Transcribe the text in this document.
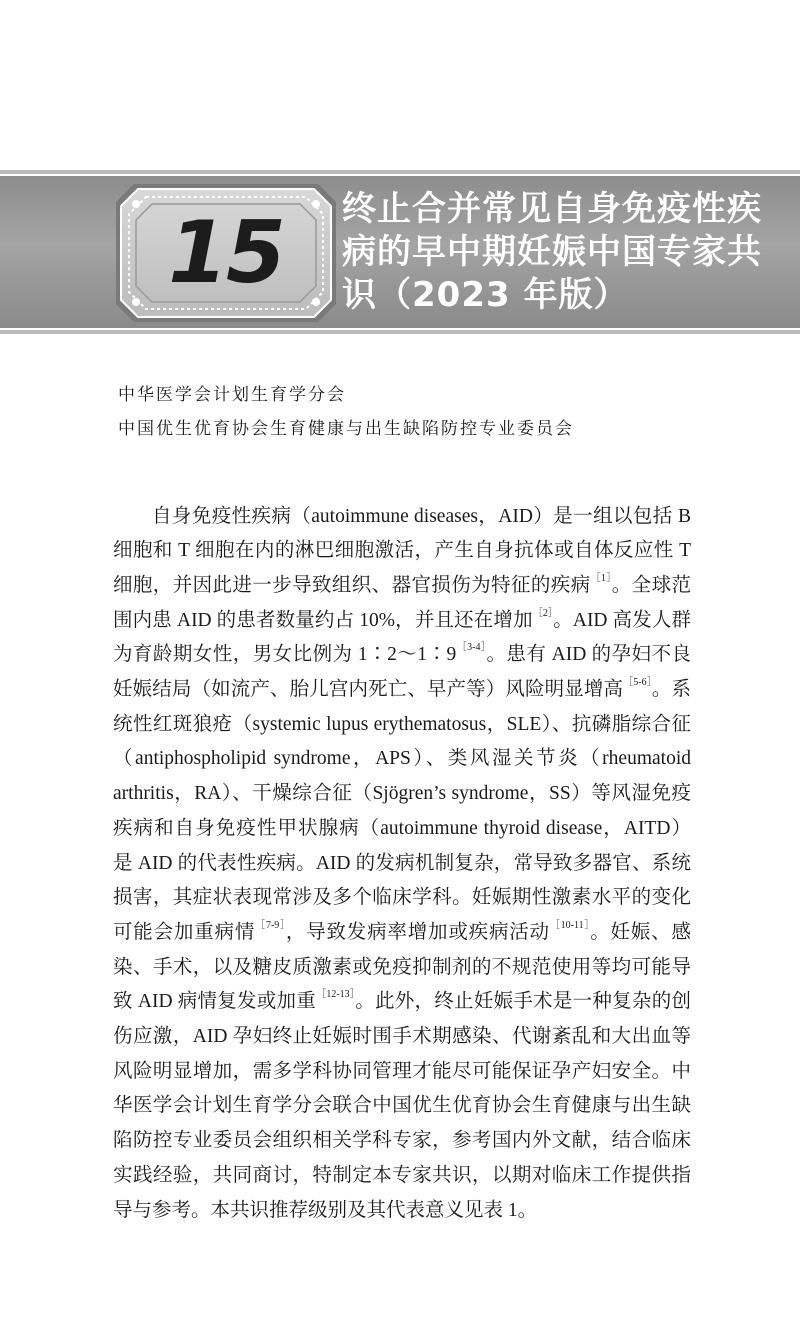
15	终止合并常见自身免疫性疾病的早中期妊娠中国专家共识（2023 年版）
中华医学会计划生育学分会
中国优生优育协会生育健康与出生缺陷防控专业委员会

自身免疫性疾病（autoimmune diseases，AID）是一组以包括 B 细胞和 T 细胞在内的淋巴细胞激活，产生自身抗体或自体反应性 T 细胞，并因此进一步导致组织、器官损伤为特征的疾病$^{[1]}$。全球范围内患 AID 的患者数量约占 10%，并且还在增加$^{[2]}$。AID 高发人群为育龄期女性，男女比例为 $1∶2\sim 1∶9^{[3-4]}$。患有 AID 的孕妇不良妊娠结局（如流产、胎儿宫内死亡、早产等）风险明显增高$^{[5-6]}$。系统性红斑狼疮（systemic lupus erythematosus，SLE）、抗磷脂综合征（antiphospholipid syndrome，APS）、类风湿关节炎（rheumatoid arthritis，RA）、干燥综合征（Sjögren’s syndrome，SS）等风湿免疫疾病和自身免疫性甲状腺病（autoimmune thyroid disease，AITD）是 AID 的代表性疾病。AID 的发病机制复杂，常导致多器官、系统损害，其症状表现常涉及多个临床学科。妊娠期性激素水平的变化可能会加重病情$^{[7-9]}$，导致发病率增加或疾病活动$^{[10-11]}$。妊娠、感染、手术，以及糖皮质激素或免疫抑制剂的不规范使用等均可能导致 AID 病情复发或加重$^{[12-13]}$。此外，终止妊娠手术是一种复杂的创伤应激，AID 孕妇终止妊娠时围手术期感染、代谢紊乱和大出血等风险明显增加，需多学科协同管理才能尽可能保证孕产妇安全。中华医学会计划生育学分会联合中国优生优育协会生育健康与出生缺陷防控专业委员会组织相关学科专家，参考国内外文献，结合临床实践经验，共同商讨，特制定本专家共识，以期对临床工作提供指导与参考。本共识推荐级别及其代表意义见表 1。
